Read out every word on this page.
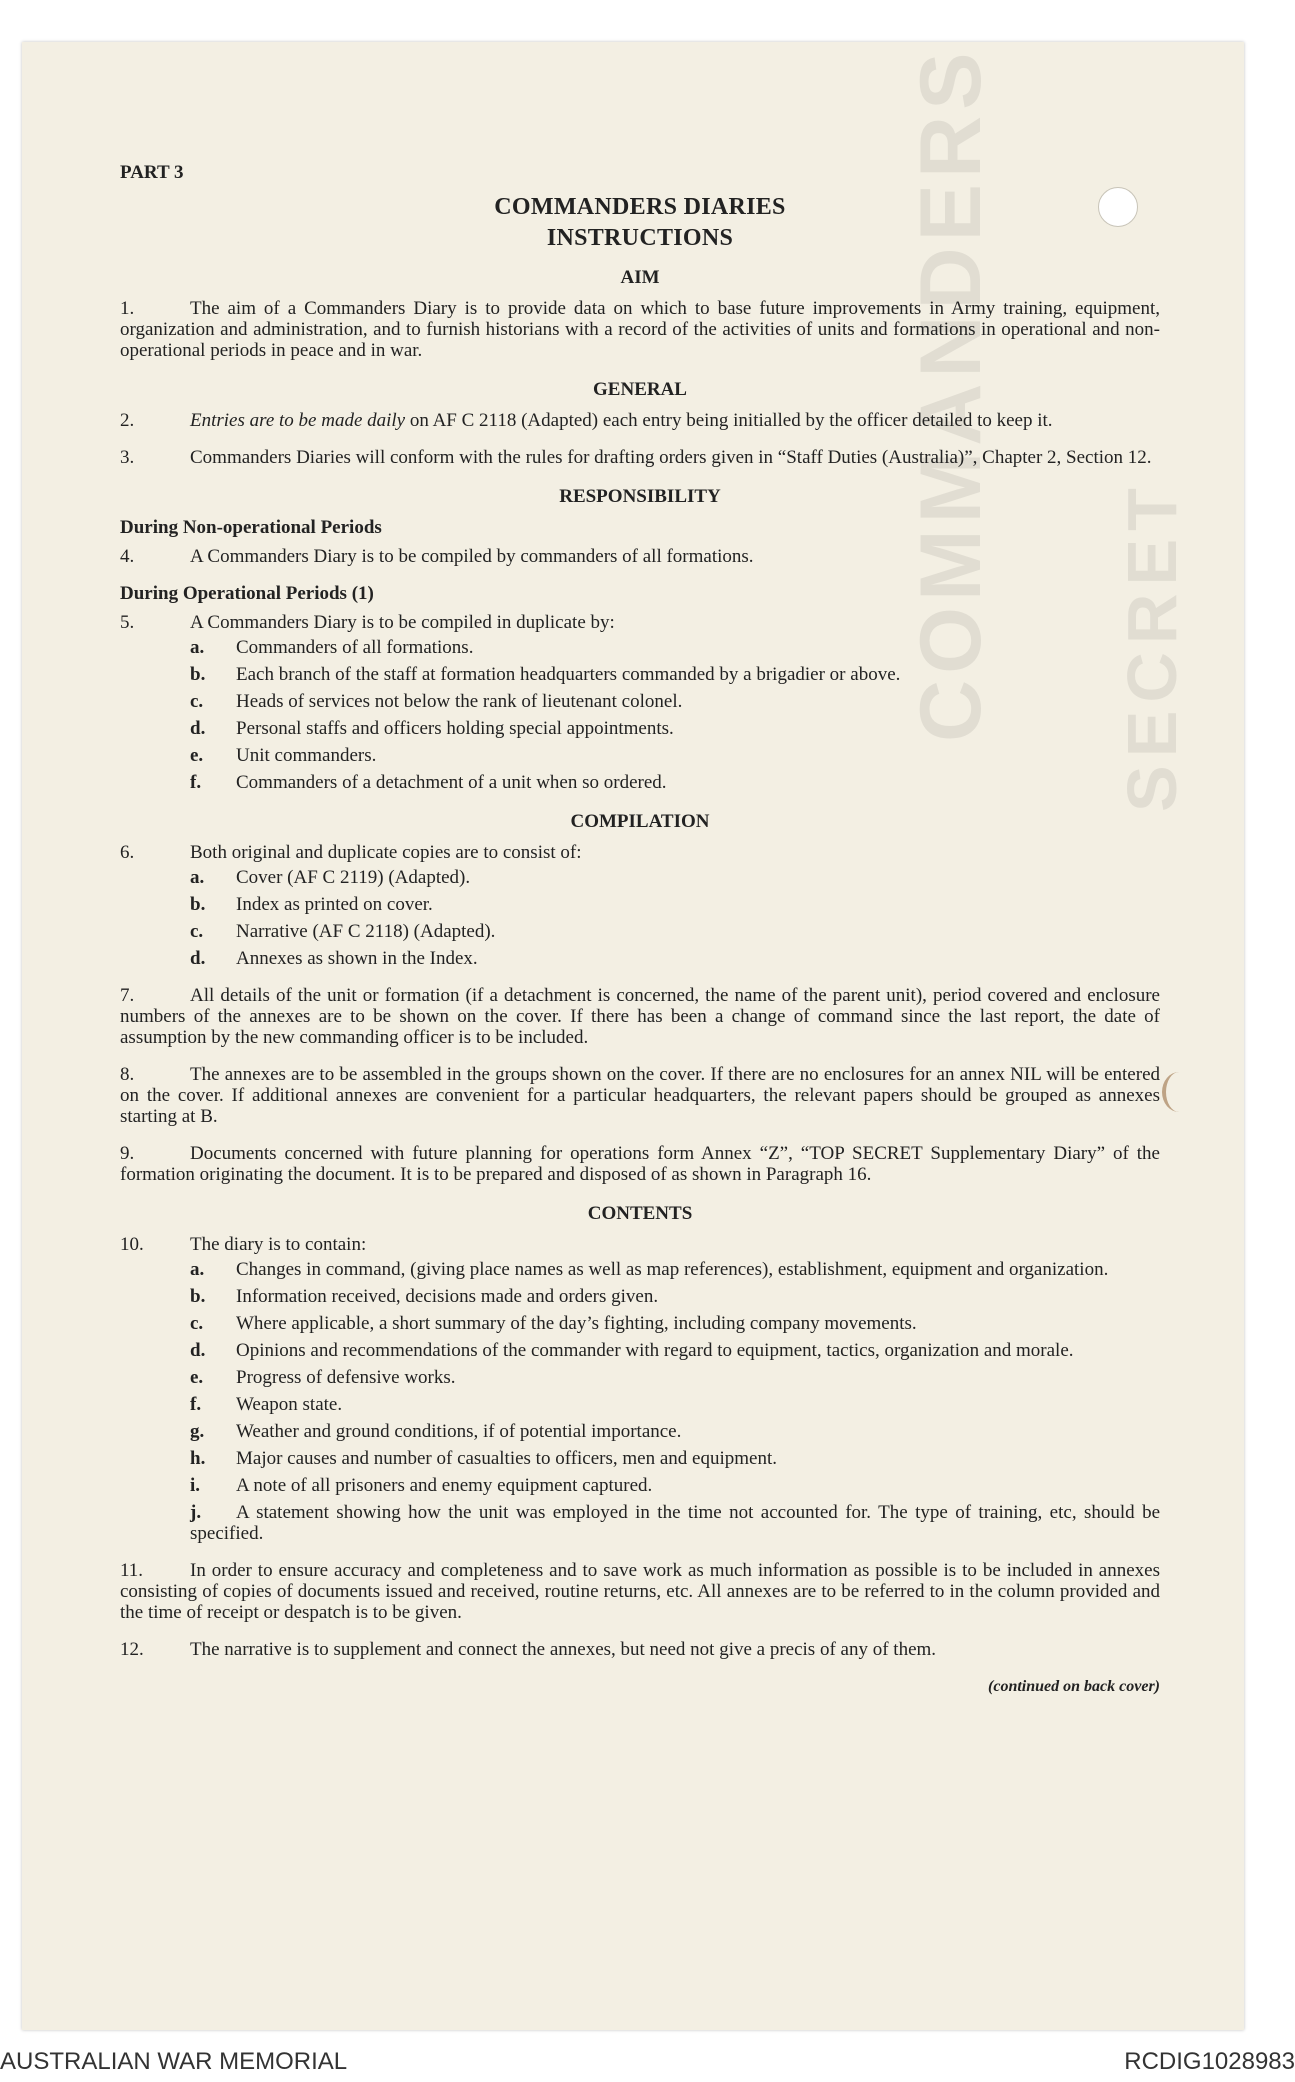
COMMANDERS SECRET
PART 3
COMMANDERS DIARIES
INSTRUCTIONS
AIM
1.	The aim of a Commanders Diary is to provide data on which to base future improvements in Army training, equipment, organization and administration, and to furnish historians with a record of the activities of units and formations in operational and non-operational periods in peace and in war.
GENERAL
2.	Entries are to be made daily on AF C 2118 (Adapted) each entry being initialled by the officer detailed to keep it.
3.	Commanders Diaries will conform with the rules for drafting orders given in “Staff Duties (Australia)”, Chapter 2, Section 12.
RESPONSIBILITY
During Non-operational Periods
4.	A Commanders Diary is to be compiled by commanders of all formations.
During Operational Periods (1)
5.	A Commanders Diary is to be compiled in duplicate by:
a. Commanders of all formations.
b. Each branch of the staff at formation headquarters commanded by a brigadier or above.
c. Heads of services not below the rank of lieutenant colonel.
d. Personal staffs and officers holding special appointments.
e. Unit commanders.
f. Commanders of a detachment of a unit when so ordered.
COMPILATION
6.	Both original and duplicate copies are to consist of:
a. Cover (AF C 2119) (Adapted).
b. Index as printed on cover.
c. Narrative (AF C 2118) (Adapted).
d. Annexes as shown in the Index.
7.	All details of the unit or formation (if a detachment is concerned, the name of the parent unit), period covered and enclosure numbers of the annexes are to be shown on the cover. If there has been a change of command since the last report, the date of assumption by the new commanding officer is to be included.
8.	The annexes are to be assembled in the groups shown on the cover. If there are no enclosures for an annex NIL will be entered on the cover. If additional annexes are convenient for a particular headquarters, the relevant papers should be grouped as annexes starting at B.
9.	Documents concerned with future planning for operations form Annex “Z”, “TOP SECRET Supplementary Diary” of the formation originating the document. It is to be prepared and disposed of as shown in Paragraph 16.
CONTENTS
10. The diary is to contain:
a. Changes in command, (giving place names as well as map references), establishment, equipment and organization.
b. Information received, decisions made and orders given.
c. Where applicable, a short summary of the day’s fighting, including company movements.
d. Opinions and recommendations of the commander with regard to equipment, tactics, organization and morale.
e. Progress of defensive works.
f. Weapon state.
g. Weather and ground conditions, if of potential importance.
h. Major causes and number of casualties to officers, men and equipment.
i. A note of all prisoners and enemy equipment captured.
j. A statement showing how the unit was employed in the time not accounted for. The type of training, etc, should be specified.
11. In order to ensure accuracy and completeness and to save work as much information as possible is to be included in annexes consisting of copies of documents issued and received, routine returns, etc. All annexes are to be referred to in the column provided and the time of receipt or despatch is to be given.
12. The narrative is to supplement and connect the annexes, but need not give a precis of any of them.
(continued on back cover)
AUSTRALIAN WAR MEMORIAL	RCDIG1028983
